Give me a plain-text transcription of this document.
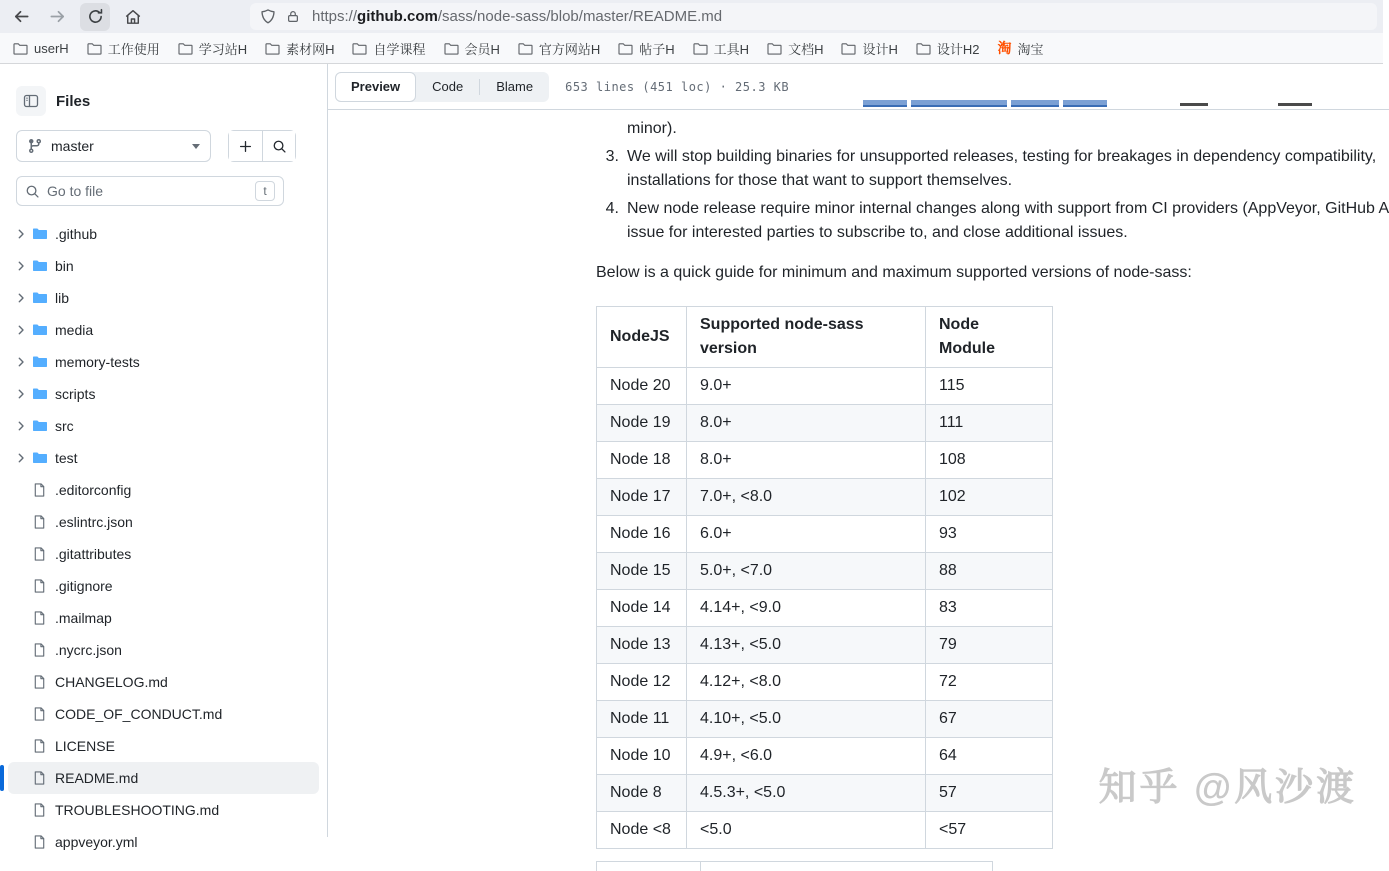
https://github.com/sass/node-sass/blob/master/README.md
userH	工作使用	学习站H	素材网H	自学课程	会员H	官方网站H	帖子H	工具H	文档H	设计H	设计H2 淘 淘宝
Files
master
Go to file	t
.github
bin
lib
media
memory-tests
scripts
src
test
.editorconfig
.eslintrc.json
.gitattributes
.gitignore
.mailmap
.nycrc.json
CHANGELOG.md
CODE_OF_CONDUCT.md
LICENSE
README.md
TROUBLESHOOTING.md
appveyor.yml
Preview	Code	Blame	653 lines (451 loc) · 25.3 KB
minor).
3. We will stop building binaries for unsupported releases, testing for breakages in dependency compatibility,
installations for those that want to support themselves.
4. New node release require minor internal changes along with support from CI providers (AppVeyor, GitHub A
issue for interested parties to subscribe to, and close additional issues.

Below is a quick guide for minimum and maximum supported versions of node-sass:

NodeJS	Supported node-sass version	Node Module
Node 20	9.0+	115
Node 19	8.0+	111
Node 18	8.0+	108
Node 17	7.0+, <8.0	102
Node 16	6.0+	93
Node 15	5.0+, <7.0	88
Node 14	4.14+, <9.0	83
Node 13	4.13+, <5.0	79
Node 12	4.12+, <8.0	72
Node 11	4.10+, <5.0	67
Node 10	4.9+, <6.0	64
Node 8	4.5.3+, <5.0	57
Node <8	<5.0	<57
知乎 @风沙渡
